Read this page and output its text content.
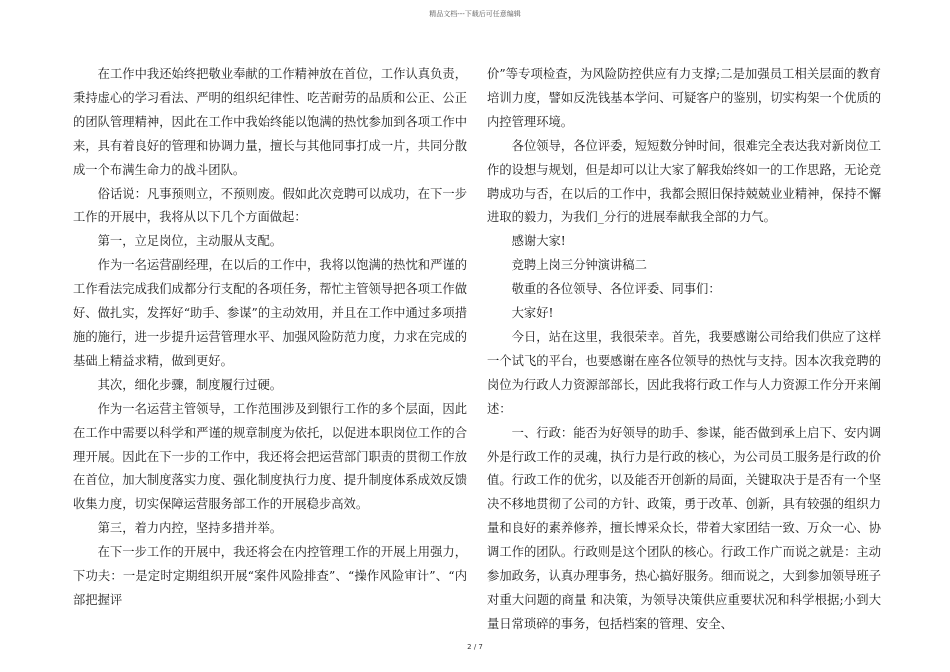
精品文档---下载后可任意编辑

　　在工作中我还始终把敬业奉献的工作精神放在首位，工作认真负责，秉持虚心的学习看法、严明的组织纪律性、吃苦耐劳的品质和公正、公正的团队管理精神，因此在工作中我始终能以饱满的热忱参加到各项工作中来，具有着良好的管理和协调力量，擅长与其他同事打成一片，共同分散成一个布满生命力的战斗团队。

　　俗话说：凡事预则立，不预则废。假如此次竞聘可以成功，在下一步工作的开展中，我将从以下几个方面做起：

　　第一，立足岗位，主动服从支配。

　　作为一名运营副经理，在以后的工作中，我将以饱满的热忱和严谨的工作看法完成我们成都分行支配的各项任务，帮忙主管领导把各项工作做好、做扎实，发挥好“助手、参谋”的主动效用，并且在工作中通过多项措施的施行，进一步提升运营管理水平、加强风险防范力度，力求在完成的基础上精益求精，做到更好。

　　其次，细化步骤，制度履行过硬。

　　作为一名运营主管领导，工作范围涉及到银行工作的多个层面，因此在工作中需要以科学和严谨的规章制度为依托，以促进本职岗位工作的合理开展。因此在下一步的工作中，我还将会把运营部门职责的贯彻工作放在首位，加大制度落实力度、强化制度执行力度、提升制度体系成效反馈收集力度，切实保障运营服务部工作的开展稳步高效。

　　第三，着力内控，坚持多措并举。

　　在下一步工作的开展中，我还将会在内控管理工作的开展上用强力，下功夫：一是定时定期组织开展“案件风险排查”、“操作风险审计”、“内部把握评

价”等专项检查，为风险防控供应有力支撑;二是加强员工相关层面的教育培训力度，譬如反洗钱基本学问、可疑客户的鉴别，切实构架一个优质的内控管理环境。

　　各位领导，各位评委，短短数分钟时间，很难完全表达我对新岗位工作的设想与规划，但是却可以让大家了解我始终如一的工作思路，无论竞聘成功与否，在以后的工作中，我都会照旧保持兢兢业业精神，保持不懈进取的毅力，为我们_分行的进展奉献我全部的力气。

　　感谢大家!

　　竞聘上岗三分钟演讲稿二

　　敬重的各位领导、各位评委、同事们：

　　大家好!

　　今日，站在这里，我很荣幸。首先，我要感谢公司给我们供应了这样一个试飞的平台，也要感谢在座各位领导的热忱与支持。因本次我竞聘的岗位为行政人力资源部部长，因此我将行政工作与人力资源工作分开来阐述：

　　一、行政：能否为好领导的助手、参谋，能否做到承上启下、安内调外是行政工作的灵魂，执行力是行政的核心，为公司员工服务是行政的价值。行政工作的优劣，以及能否开创新的局面，关键取决于是否有一个坚决不移地贯彻了公司的方针、政策，勇于改革、创新，具有较强的组织力量和良好的素养修养，擅长博采众长，带着大家团结一致、万众一心、协调工作的团队。行政则是这个团队的核心。行政工作广而说之就是：主动参加政务，认真办理事务，热心搞好服务。细而说之，大到参加领导班子对重大问题的商量 和决策，为领导决策供应重要状况和科学根据;小到大量日常琐碎的事务，包括档案的管理、安全、

2 / 7
